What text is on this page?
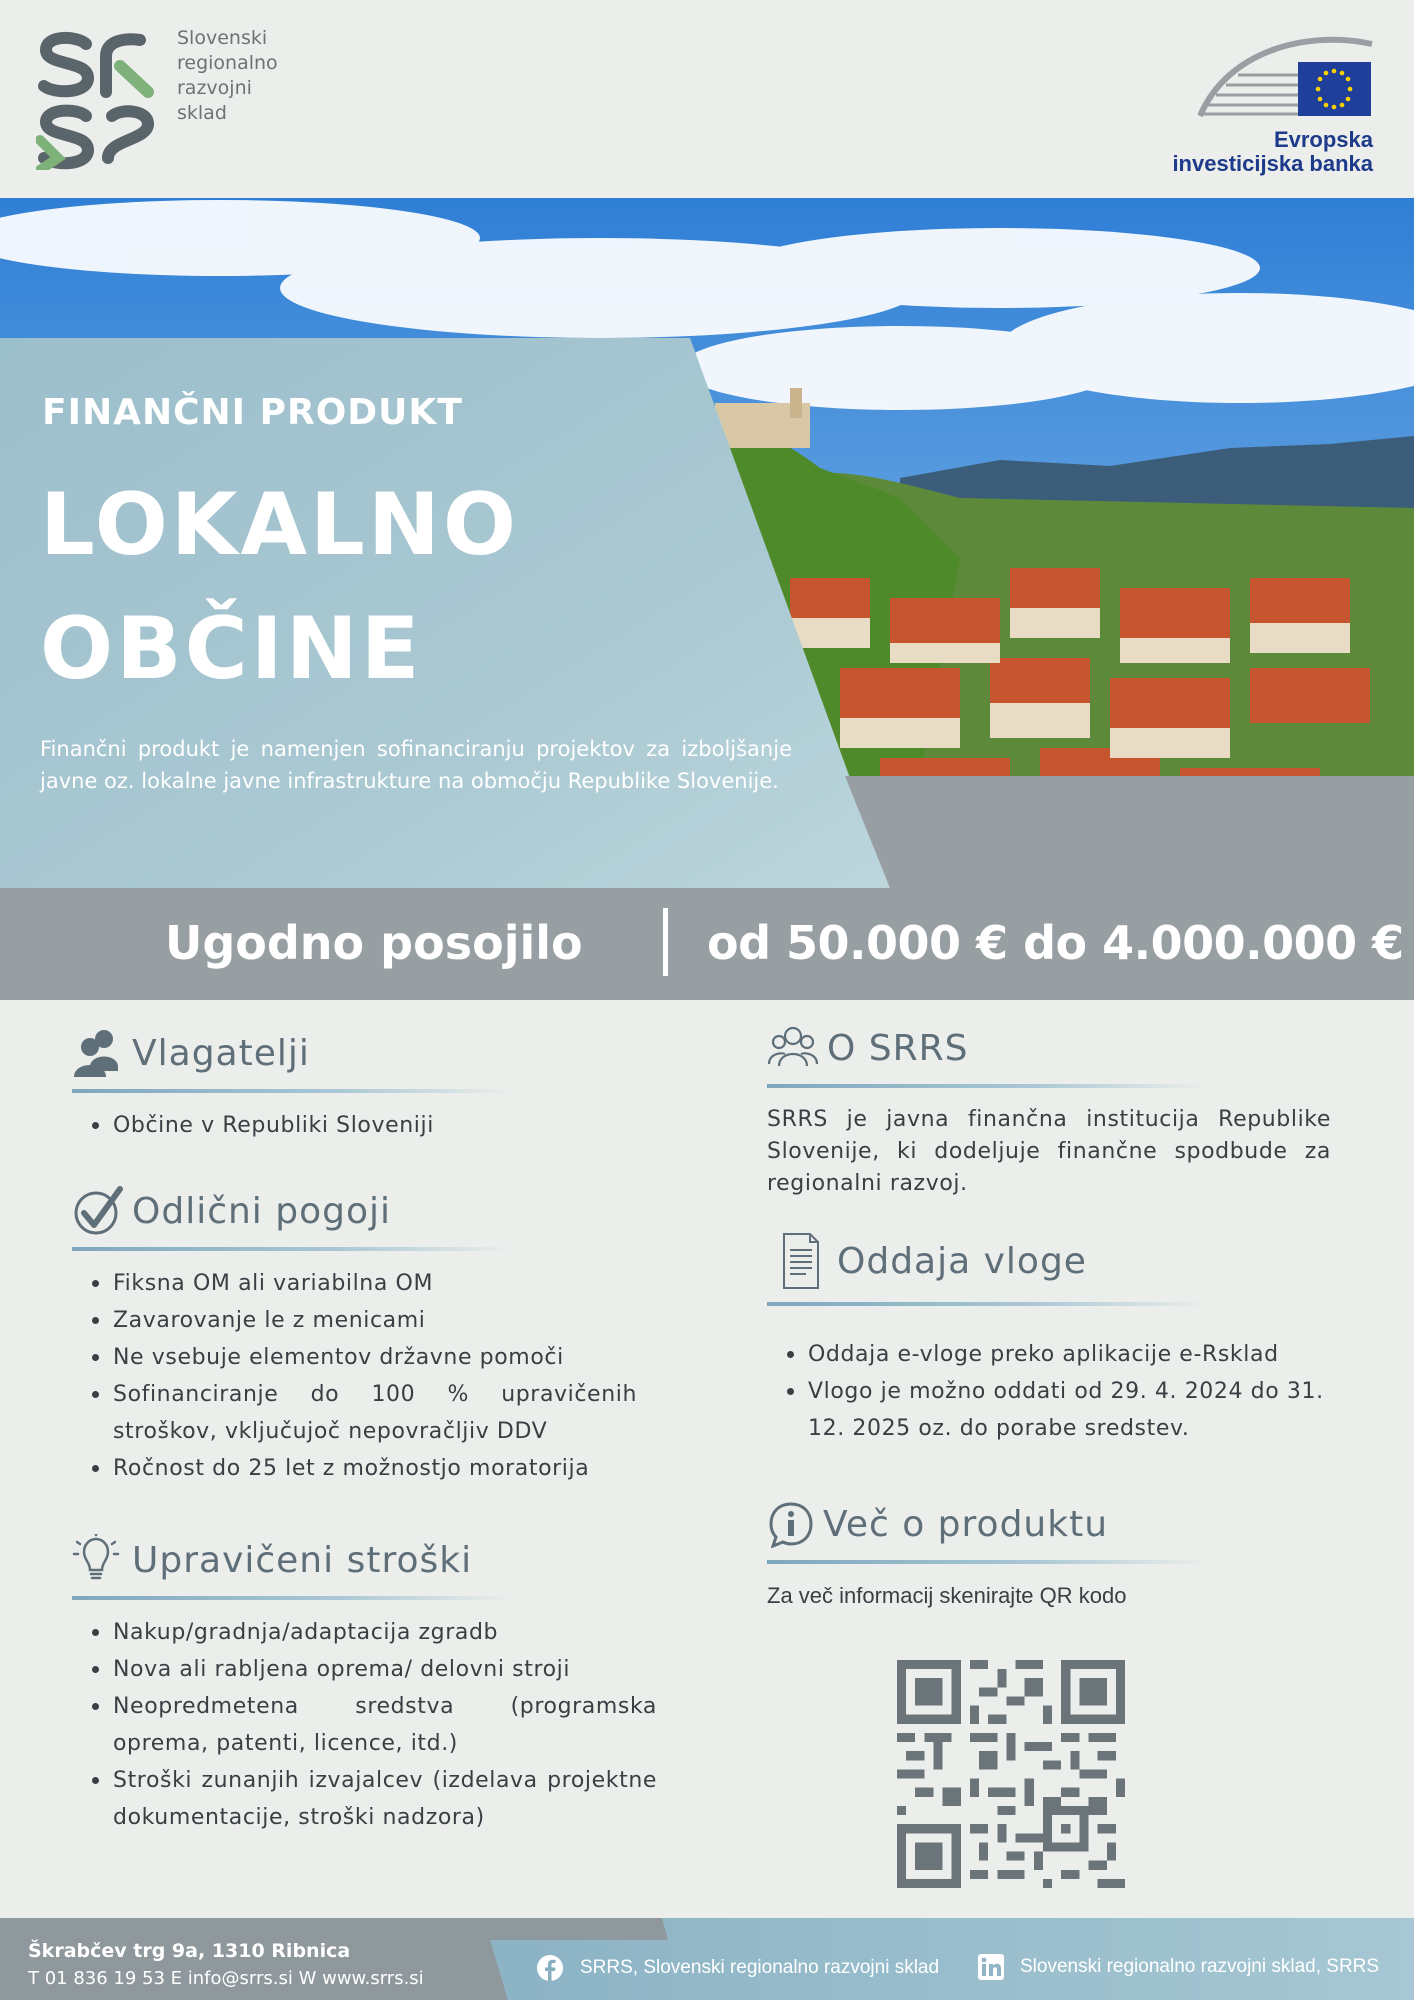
Slovenski
regionalno
razvojni
sklad
Evropska
investicijska banka
FINANČNI PRODUKT
LOKALNO
OBČINE
Finančni produkt je namenjen sofinanciranju projektov za izboljšanje javne oz. lokalne javne infrastrukture na območju Republike Slovenije.
Ugodno posojilo	od 50.000 € do 4.000.000 €
Vlagatelji
Občine v Republiki Sloveniji
Odlični pogoji
Fiksna OM ali variabilna OM
Zavarovanje le z menicami
Ne vsebuje elementov državne pomoči
Sofinanciranje do 100 % upravičenih stroškov, vključujoč nepovračljiv DDV
Ročnost do 25 let z možnostjo moratorija
Upravičeni stroški
Nakup/gradnja/adaptacija zgradb
Nova ali rabljena oprema/ delovni stroji
Neopredmetena sredstva (programska oprema, patenti, licence, itd.)
Stroški zunanjih izvajalcev (izdelava projektne dokumentacije, stroški nadzora)
O SRRS
SRRS je javna finančna institucija Republike Slovenije, ki dodeljuje finančne spodbude za regionalni razvoj.
Oddaja vloge
Oddaja e-vloge preko aplikacije e-Rsklad
Vlogo je možno oddati od 29. 4. 2024 do 31. 12. 2025 oz. do porabe sredstev.
Več o produktu
Za več informacij skenirajte QR kodo
Škrabčev trg 9a, 1310 Ribnica
T 01 836 19 53 E info@srrs.si W www.srrs.si
SRRS, Slovenski regionalno razvojni sklad	Slovenski regionalno razvojni sklad, SRRS
